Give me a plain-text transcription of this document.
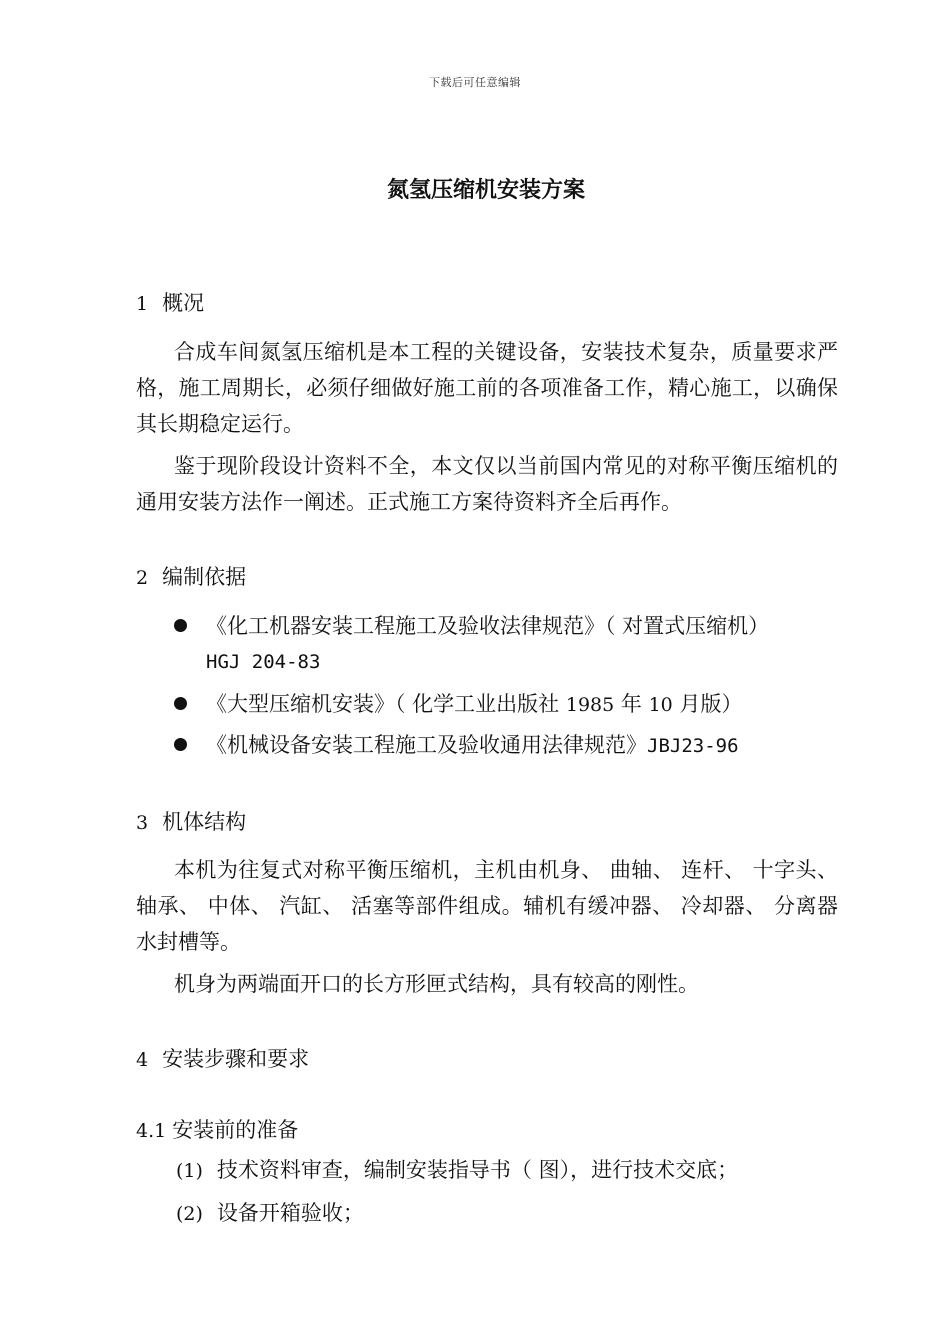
下载后可任意编辑
氮氢压缩机安装方案
1 概况
合成车间氮氢压缩机是本工程的关键设备，安装技术复杂，质量要求严格，施工周期长，必须仔细做好施工前的各项准备工作，精心施工，以确保其长期稳定运行。
鉴于现阶段设计资料不全，本文仅以当前国内常见的对称平衡压缩机的通用安装方法作一阐述。正式施工方案待资料齐全后再作。
2 编制依据
《化工机器安装工程施工及验收法律规范》（ 对置式压缩机）
HGJ 204-83
《大型压缩机安装》（ 化学工业出版社 1985 年 10 月版）
《机械设备安装工程施工及验收通用法律规范》JBJ23-96
3 机体结构
本机为往复式对称平衡压缩机，主机由机身、 曲轴、 连杆、 十字头、 轴承、 中体、 汽缸、 活塞等部件组成。辅机有缓冲器、 冷却器、 分离器水封槽等。
机身为两端面开口的长方形匣式结构，具有较高的刚性。
4 安装步骤和要求
4.1 安装前的准备
(1) 技术资料审查，编制安装指导书（ 图），进行技术交底；
(2) 设备开箱验收；
